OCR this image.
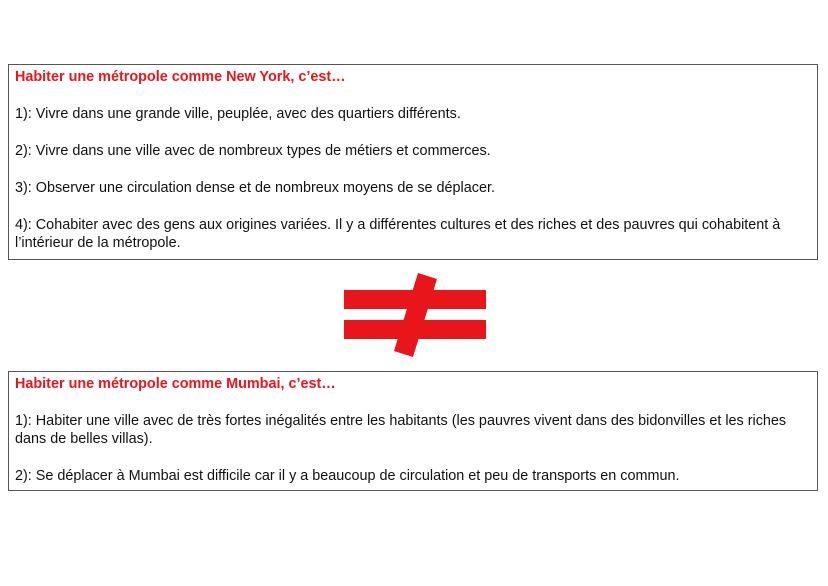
Habiter une métropole comme New York, c’est…
1): Vivre dans une grande ville, peuplée, avec des quartiers différents.
2): Vivre dans une ville avec de nombreux types de métiers et commerces.
3): Observer une circulation dense et de nombreux moyens de se déplacer.
4): Cohabiter avec des gens aux origines variées. Il y a différentes cultures et des riches et des pauvres qui cohabitent à l’intérieur de la métropole.
Habiter une métropole comme Mumbai, c’est…
1): Habiter une ville avec de très fortes inégalités entre les habitants (les pauvres vivent dans des bidonvilles et les riches dans de belles villas).
2): Se déplacer à Mumbai est difficile car il y a beaucoup de circulation et peu de transports en commun.
